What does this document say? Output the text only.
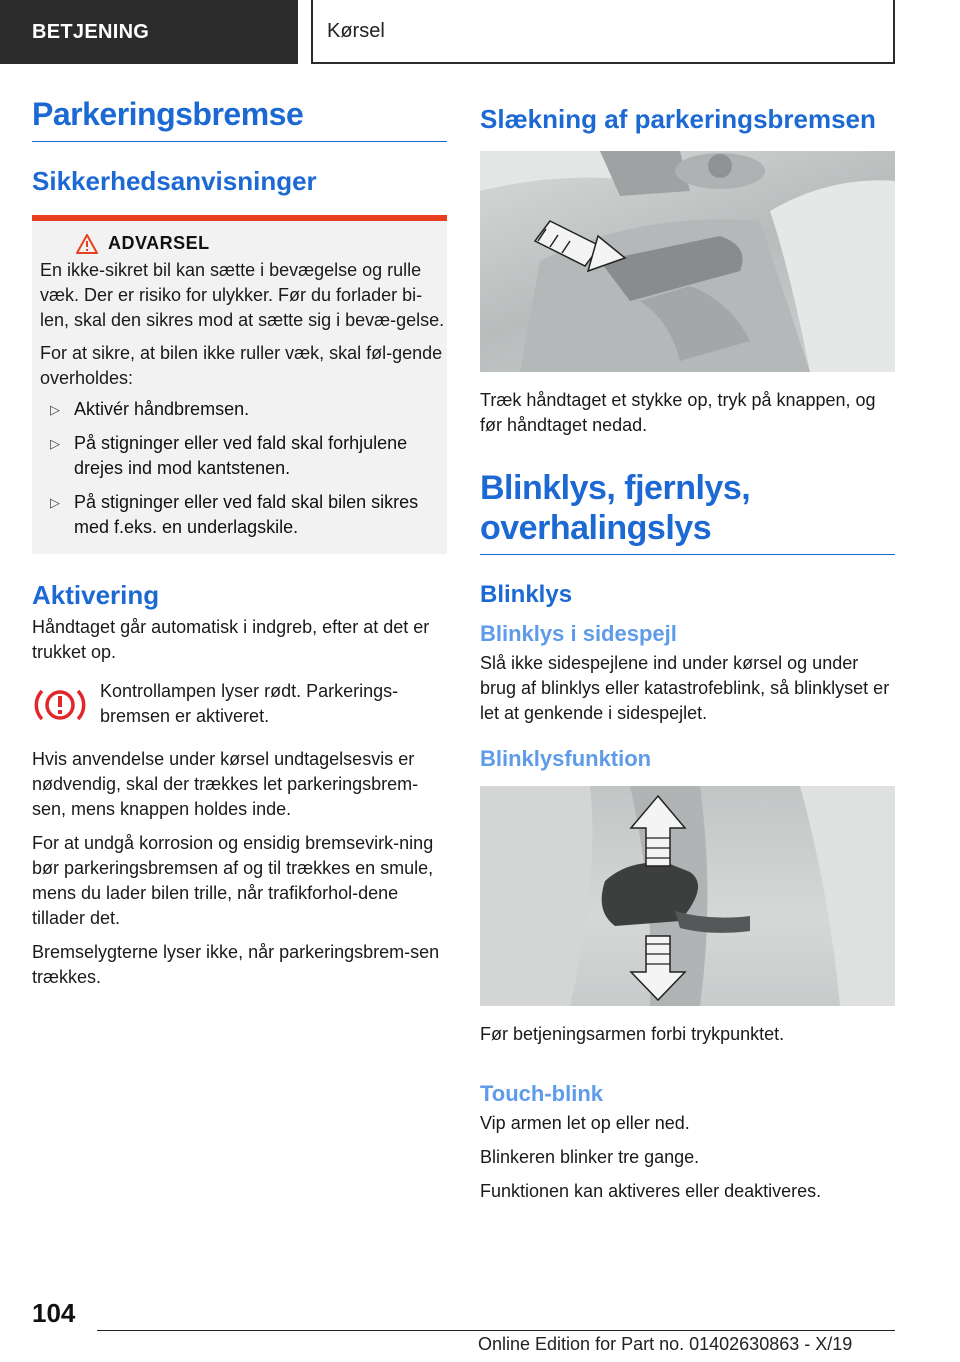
BETJENING	Kørsel
Parkeringsbremse
Sikkerhedsanvisninger
ADVARSEL

En ikke-sikret bil kan sætte i bevægelse og rulle væk. Der er risiko for ulykker. Før du forlader bi-len, skal den sikres mod at sætte sig i bevæ-gelse.

For at sikre, at bilen ikke ruller væk, skal føl-gende overholdes:

▷ Aktivér håndbremsen.
▷ På stigninger eller ved fald skal forhjulene drejes ind mod kantstenen.
▷ På stigninger eller ved fald skal bilen sikres med f.eks. en underlagskile.
Aktivering

Håndtaget går automatisk i indgreb, efter at det er trukket op.

Kontrollampen lyser rødt. Parkerings-bremsen er aktiveret.

Hvis anvendelse under kørsel undtagelsesvis er nødvendig, skal der trækkes let parkeringsbrem-sen, mens knappen holdes inde.

For at undgå korrosion og ensidig bremsevirk-ning bør parkeringsbremsen af og til trækkes en smule, mens du lader bilen trille, når trafikforhol-dene tillader det.

Bremselygterne lyser ikke, når parkeringsbrem-sen trækkes.

Slækning af parkeringsbremsen

Træk håndtaget et stykke op, tryk på knappen, og før håndtaget nedad.

Blinklys, fjernlys,
overhalingslys
Blinklys
Blinklys i sidespejl

Slå ikke sidespejlene ind under kørsel og under brug af blinklys eller katastrofeblink, så blinklyset er let at genkende i sidespejlet.

Blinklysfunktion

Før betjeningsarmen forbi trykpunktet.

Touch-blink

Vip armen let op eller ned.

Blinkeren blinker tre gange.

Funktionen kan aktiveres eller deaktiveres.

104
Online Edition for Part no. 01402630863 - X/19
